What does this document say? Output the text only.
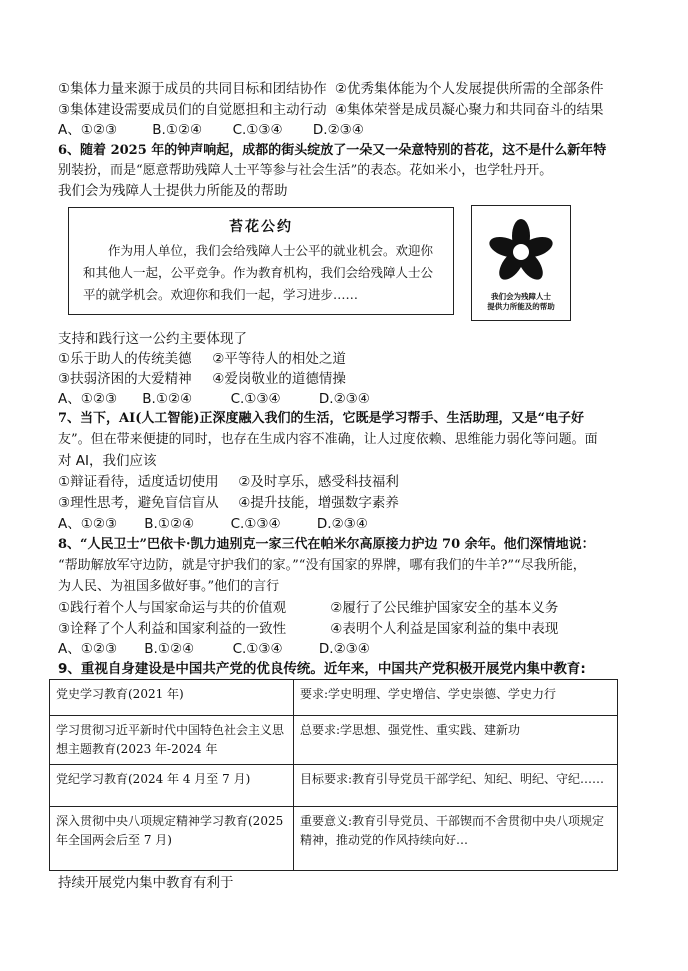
①集体力量来源于成员的共同目标和团结协作 ②优秀集体能为个人发展提供所需的全部条件
③集体建设需要成员们的自觉愿担和主动行动 ④集体荣誉是成员凝心聚力和共同奋斗的结果
A、①②③	B.①②④ C.①③④ D.②③④
6、随着 2025 年的钟声响起，成都的街头绽放了一朵又一朵意特别的苔花，这不是什么新年特
别装扮，而是“愿意帮助残障人士平等参与社会生活”的表态。花如米小，也学牡丹开。
我们会为残障人士提供力所能及的帮助
苔花公约
作为用人单位，我们会给残障人士公平的就业机会。欢迎你和其他人一起，公平竞争。作为教育机构，我们会给残障人士公平的就学机会。欢迎你和我们一起，学习进步……	我们会为残障人士
提供力所能及的帮助
支持和践行这一公约主要体现了
①乐于助人的传统美德 ②平等待人的相处之道
③扶弱济困的大爱精神 ④爱岗敬业的道德情操
A、①②③ B.①②④	C.①③④	D.②③④
7、当下，AI(人工智能)正深度融入我们的生活，它既是学习帮手、生活助理，又是“电子好
友”。但在带来便捷的同时，也存在生成内容不准确，让人过度依赖、思维能力弱化等问题。面
对 AI，我们应该
①辩证看待，适度适切使用 ②及时享乐，感受科技福利
③理性思考，避免盲信盲从 ④提升技能，增强数字素养
A、①②③ B.①②④	C.①③④	D.②③④
8、“人民卫士”巴依卡·凯力迪别克一家三代在帕米尔高原接力护边 70 余年。他们深情地说：
“帮助解放军守边防，就是守护我们的家。”“没有国家的界牌，哪有我们的牛羊?”“尽我所能，
为人民、为祖国多做好事。”他们的言行
①践行着个人与国家命运与共的价值观	②履行了公民维护国家安全的基本义务
③诠释了个人利益和国家利益的一致性	④表明个人利益是国家利益的集中表现
A、①②③ B.①②④	C.①③④	D.②③④
9、重视自身建设是中国共产党的优良传统。近年来，中国共产党积极开展党内集中教育:
党史学习教育(2021 年)	要求:学史明理、学史增信、学史崇德、学史力行
学习贯彻习近平新时代中国特色社会主义思想主题教育(2023 年-2024 年	总要求:学思想、强党性、重实践、建新功
党纪学习教育(2024 年 4 月至 7 月)	目标要求:教育引导党员干部学纪、知纪、明纪、守纪……
深入贯彻中央八项规定精神学习教育(2025 年全国两会后至 7 月)	重要意义:教育引导党员、干部锲而不舍贯彻中央八项规定精神，推动党的作风持续向好…
持续开展党内集中教育有利于
